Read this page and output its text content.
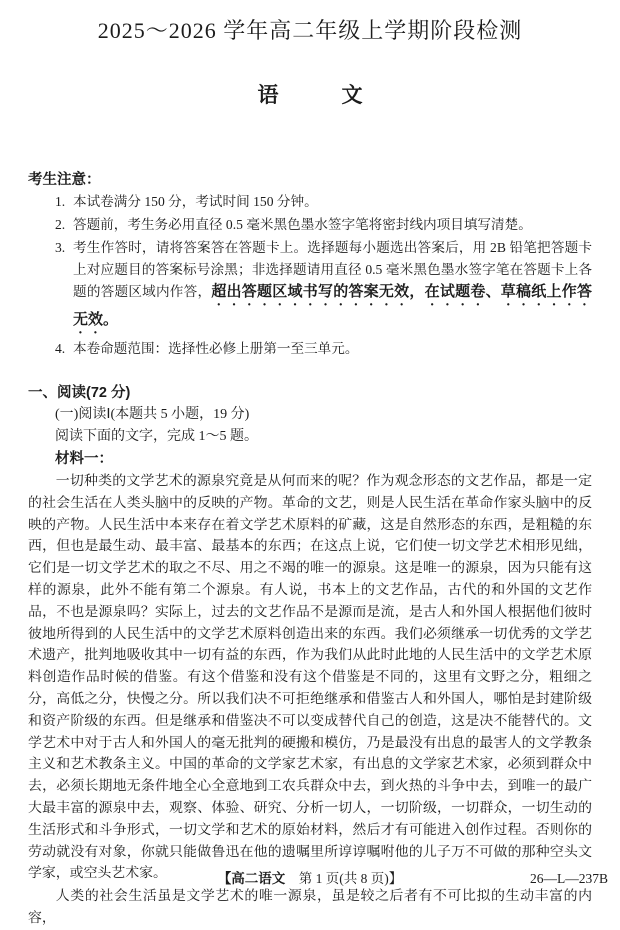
2025～2026 学年高二年级上学期阶段检测
语　　　文
考生注意：
1. 本试卷满分 150 分，考试时间 150 分钟。
2. 答题前，考生务必用直径 0.5 毫米黑色墨水签字笔将密封线内项目填写清楚。
3. 考生作答时，请将答案答在答题卡上。选择题每小题选出答案后，用 2B 铅笔把答题卡上对应题目的答案标号涂黑；非选择题请用直径 0.5 毫米黑色墨水签字笔在答题卡上各题的答题区域内作答，超出答题区域书写的答案无效，在试题卷、草稿纸上作答无效。
4. 本卷命题范围：选择性必修上册第一至三单元。
一、阅读(72 分)
(一)阅读Ⅰ(本题共 5 小题，19 分)
阅读下面的文字，完成 1～5 题。
材料一：

一切种类的文学艺术的源泉究竟是从何而来的呢？作为观念形态的文艺作品，都是一定的社会生活在人类头脑中的反映的产物。革命的文艺，则是人民生活在革命作家头脑中的反映的产物。人民生活中本来存在着文学艺术原料的矿藏，这是自然形态的东西，是粗糙的东西，但也是最生动、最丰富、最基本的东西；在这点上说，它们使一切文学艺术相形见绌，它们是一切文学艺术的取之不尽、用之不竭的唯一的源泉。这是唯一的源泉，因为只能有这样的源泉，此外不能有第二个源泉。有人说，书本上的文艺作品，古代的和外国的文艺作品，不也是源泉吗？实际上，过去的文艺作品不是源而是流，是古人和外国人根据他们彼时彼地所得到的人民生活中的文学艺术原料创造出来的东西。我们必须继承一切优秀的文学艺术遗产，批判地吸收其中一切有益的东西，作为我们从此时此地的人民生活中的文学艺术原料创造作品时候的借鉴。有这个借鉴和没有这个借鉴是不同的，这里有文野之分，粗细之分，高低之分，快慢之分。所以我们决不可拒绝继承和借鉴古人和外国人，哪怕是封建阶级和资产阶级的东西。但是继承和借鉴决不可以变成替代自己的创造，这是决不能替代的。文学艺术中对于古人和外国人的毫无批判的硬搬和模仿，乃是最没有出息的最害人的文学教条主义和艺术教条主义。中国的革命的文学家艺术家，有出息的文学家艺术家，必须到群众中去，必须长期地无条件地全心全意地到工农兵群众中去，到火热的斗争中去，到唯一的最广大最丰富的源泉中去，观察、体验、研究、分析一切人，一切阶级，一切群众，一切生动的生活形式和斗争形式，一切文学和艺术的原始材料，然后才有可能进入创作过程。否则你的劳动就没有对象，你就只能做鲁迅在他的遗嘱里所谆谆嘱咐他的儿子万不可做的那种空头文学家，或空头艺术家。

人类的社会生活虽是文学艺术的唯一源泉，虽是较之后者有不可比拟的生动丰富的内容，

【高二语文　第 1 页(共 8 页)】	26—L—237B
